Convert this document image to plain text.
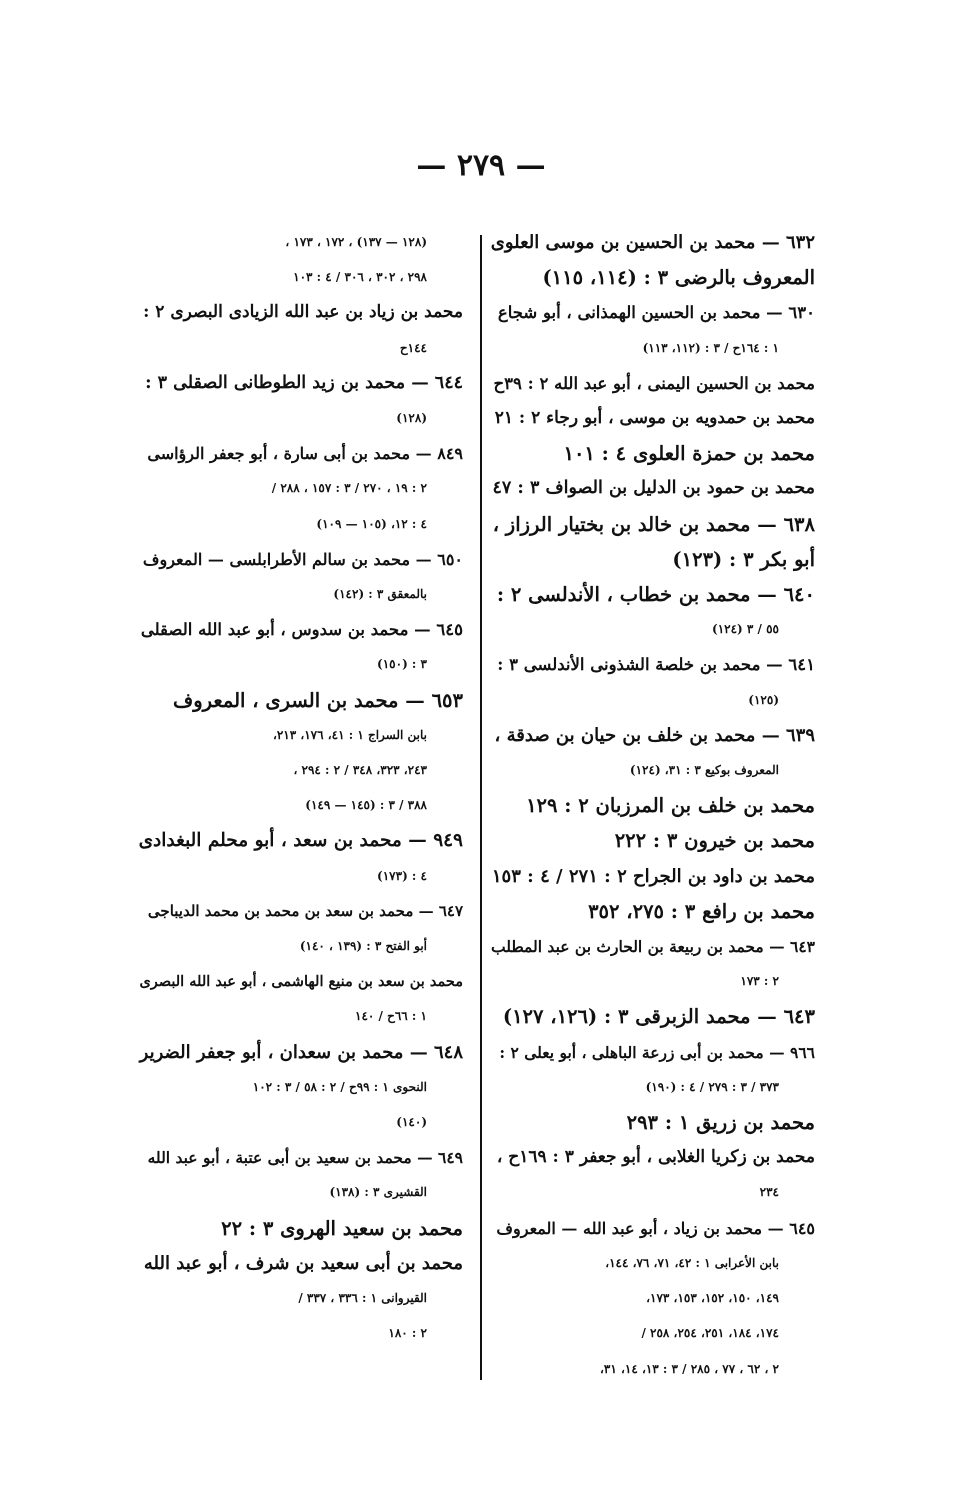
— ٢٧٩ —

٦٣٢ — محمد بن الحسين بن موسى العلوى

المعروف بالرضى ٣ : (١١٤، ١١٥)

٦٣٠ — محمد بن الحسين الهمذانى ، أبو شجاع

١ : ١٦٤ح / ٣ : (١١٢، ١١٣)

محمد بن الحسين اليمنى ، أبو عبد الله ٢ : ٣٩ح

محمد بن حمدويه بن موسى ، أبو رجاء ٢ : ٢١

محمد بن حمزة العلوى ٤ : ١٠١

محمد بن حمود بن الدليل بن الصواف ٣ : ٤٧

٦٣٨ — محمد بن خالد بن بختيار الرزاز ،

أبو بكر ٣ : (١٢٣)

٦٤٠ — محمد بن خطاب ، الأندلسى ٢ :

٥٥ / ٣ (١٢٤)

٦٤١ — محمد بن خلصة الشذونى الأندلسى ٣ :

(١٢٥)

٦٣٩ — محمد بن خلف بن حيان بن صدقة ،

المعروف بوكيع ٣ : ٣١، (١٢٤)

محمد بن خلف بن المرزبان ٢ : ١٢٩

محمد بن خيرون ٣ : ٢٢٢

محمد بن داود بن الجراح ٢ : ٢٧١ / ٤ : ١٥٣

محمد بن رافع ٣ : ٢٧٥، ٣٥٢

٦٤٣ — محمد بن ربيعة بن الحارث بن عبد المطلب

٢ : ١٧٣

٦٤٣ — محمد الزبرقى ٣ : (١٢٦، ١٢٧)

٩٦٦ — محمد بن أبى زرعة الباهلى ، أبو يعلى ٢ :

٣٧٣ / ٣ : ٢٧٩ / ٤ : (١٩٠)

محمد بن زريق ١ : ٢٩٣

محمد بن زكريا الغلابى ، أبو جعفر ٣ : ١٦٩ح ،

٢٣٤

٦٤٥ — محمد بن زياد ، أبو عبد الله — المعروف

بابن الأعرابى ١ : ٤٢، ٧١، ٧٦، ١٤٤،

١٤٩، ١٥٠، ١٥٢، ١٥٣، ١٧٣،

١٧٤، ١٨٤، ٢٥١، ٢٥٤، ٢٥٨ /

٢ ، ٦٢ ، ٧٧ ، ٢٨٥ / ٣ : ١٣، ١٤، ٣١،

(١٢٨ — ١٣٧) ، ١٧٢ ، ١٧٣ ،

٢٩٨ ، ٣٠٢ ، ٣٠٦ / ٤ : ١٠٣

محمد بن زياد بن عبد الله الزيادى البصرى ٢ :

١٤٤ح

٦٤٤ — محمد بن زيد الطوطانى الصقلى ٣ :

(١٢٨)

٨٤٩ — محمد بن أبى سارة ، أبو جعفر الرؤاسى

٢ : ١٩ ، ٢٧٠ / ٣ : ١٥٧ ، ٢٨٨ /

٤ : ١٢، (١٠٥ — ١٠٩)

٦٥٠ — محمد بن سالم الأطرابلسى — المعروف

بالمعقق ٣ : (١٤٢)

٦٤٥ — محمد بن سدوس ، أبو عبد الله الصقلى

٣ : (١٥٠)

٦٥٣ — محمد بن السرى ، المعروف

بابن السراج ١ : ٤١، ١٧٦، ٢١٣،

٢٤٣، ٣٢٣، ٣٤٨ / ٢ : ٢٩٤ ،

٣٨٨ / ٣ : (١٤٥ — ١٤٩)

٩٤٩ — محمد بن سعد ، أبو محلم البغدادى

٤ : (١٧٣)

٦٤٧ — محمد بن سعد بن محمد بن محمد الديباجى

أبو الفتح ٣ : (١٣٩ ، ١٤٠)

محمد بن سعد بن منيع الهاشمى ، أبو عبد الله البصرى

١ : ٦٦ح / ١٤٠

٦٤٨ — محمد بن سعدان ، أبو جعفر الضرير

النحوى ١ : ٩٩ح / ٢ : ٥٨ / ٣ : ١٠٢

(١٤٠)

٦٤٩ — محمد بن سعيد بن أبى عتبة ، أبو عبد الله

القشيرى ٣ : (١٣٨)

محمد بن سعيد الهروى ٣ : ٢٢

محمد بن أبى سعيد بن شرف ، أبو عبد الله

القيروانى ١ : ٣٣٦ ، ٣٣٧ /

٢ : ١٨٠
